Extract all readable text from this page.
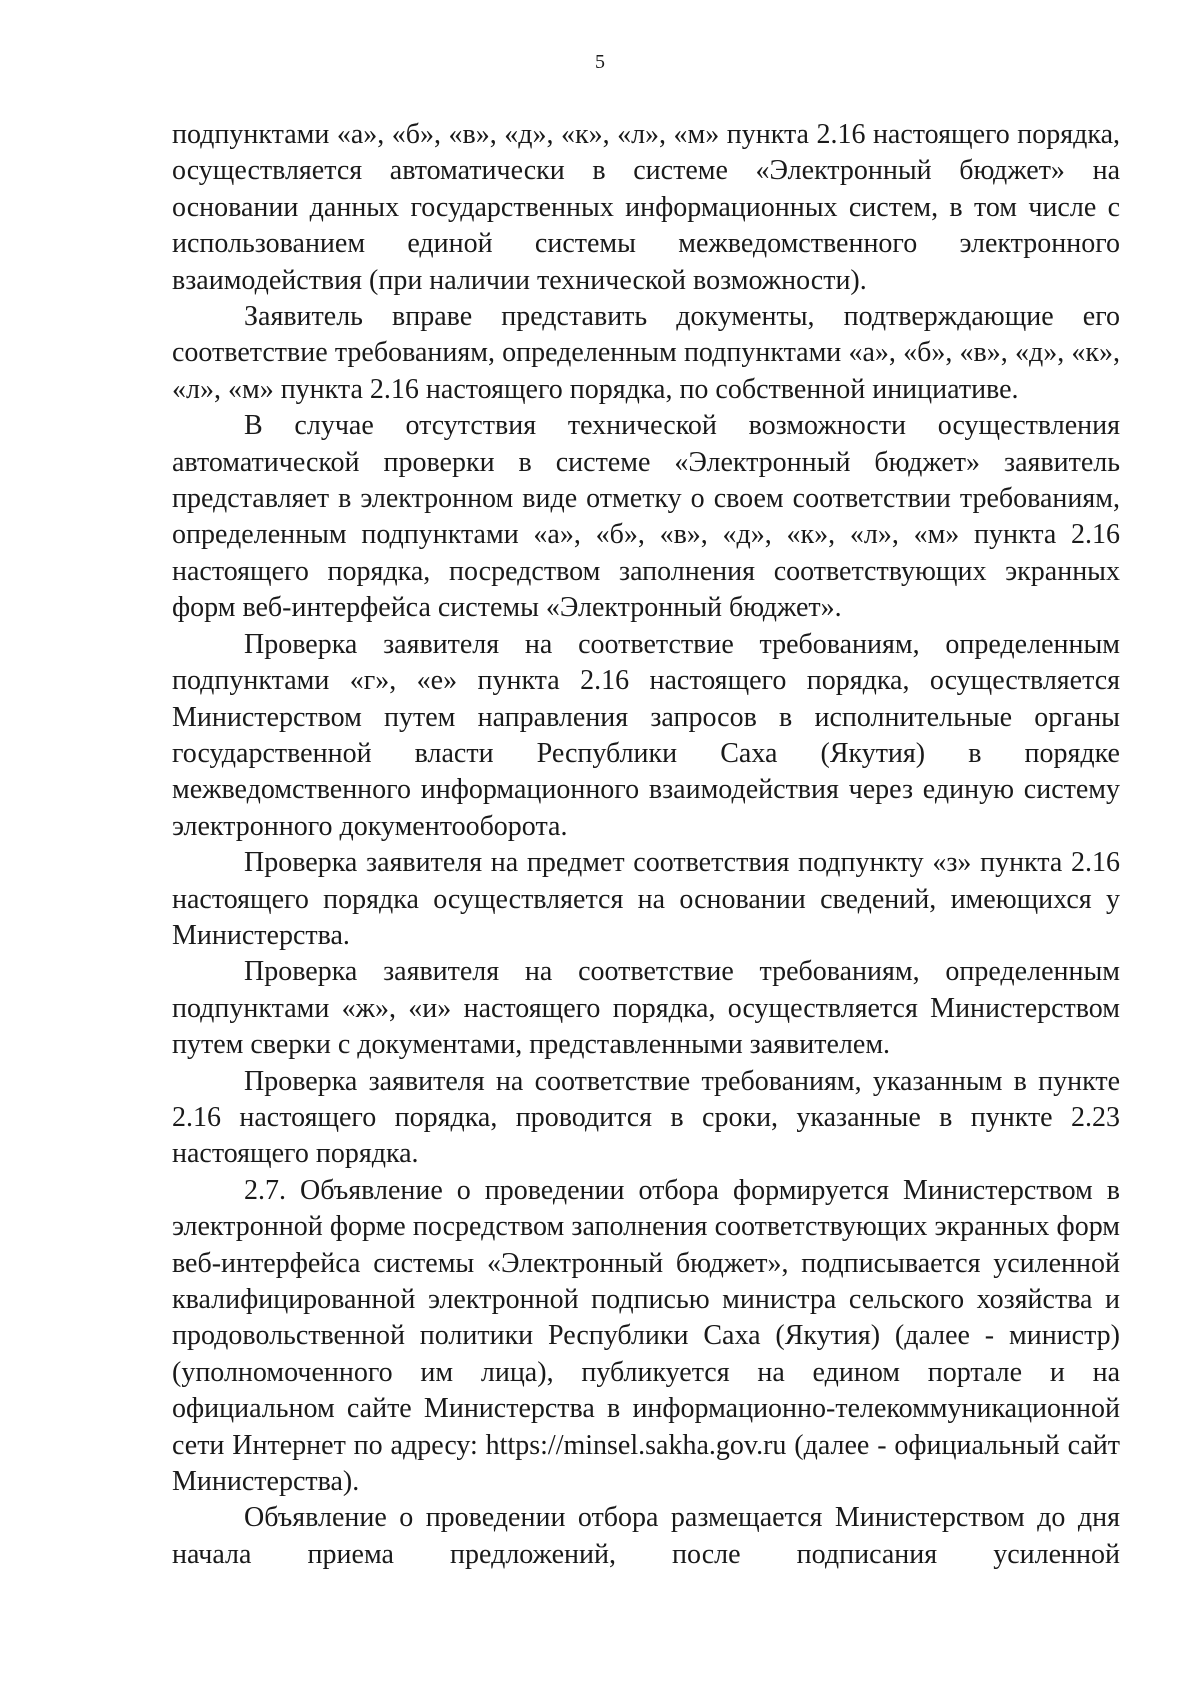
5

подпунктами «а», «б», «в», «д», «к», «л», «м» пункта 2.16 настоящего порядка, осуществляется автоматически в системе «Электронный бюджет» на основании данных государственных информационных систем, в том числе с использованием единой системы межведомственного электронного взаимодействия (при наличии технической возможности).

Заявитель вправе представить документы, подтверждающие его соответствие требованиям, определенным подпунктами «а», «б», «в», «д», «к», «л», «м» пункта 2.16 настоящего порядка, по собственной инициативе.

В случае отсутствия технической возможности осуществления автоматической проверки в системе «Электронный бюджет» заявитель представляет в электронном виде отметку о своем соответствии требованиям, определенным подпунктами «а», «б», «в», «д», «к», «л», «м» пункта 2.16 настоящего порядка, посредством заполнения соответствующих экранных форм веб-интерфейса системы «Электронный бюджет».

Проверка заявителя на соответствие требованиям, определенным подпунктами «г», «е» пункта 2.16 настоящего порядка, осуществляется Министерством путем направления запросов в исполнительные органы государственной власти Республики Саха (Якутия) в порядке межведомственного информационного взаимодействия через единую систему электронного документооборота.

Проверка заявителя на предмет соответствия подпункту «з» пункта 2.16 настоящего порядка осуществляется на основании сведений, имеющихся у Министерства.

Проверка заявителя на соответствие требованиям, определенным подпунктами «ж», «и» настоящего порядка, осуществляется Министерством путем сверки с документами, представленными заявителем.

Проверка заявителя на соответствие требованиям, указанным в пункте 2.16 настоящего порядка, проводится в сроки, указанные в пункте 2.23 настоящего порядка.

2.7. Объявление о проведении отбора формируется Министерством в электронной форме посредством заполнения соответствующих экранных форм веб-интерфейса системы «Электронный бюджет», подписывается усиленной квалифицированной электронной подписью министра сельского хозяйства и продовольственной политики Республики Саха (Якутия) (далее - министр) (уполномоченного им лица), публикуется на едином портале и на официальном сайте Министерства в информационно-телекоммуникационной сети Интернет по адресу: https://minsel.sakha.gov.ru (далее - официальный сайт Министерства).

Объявление о проведении отбора размещается Министерством до дня начала приема предложений, после подписания усиленной
